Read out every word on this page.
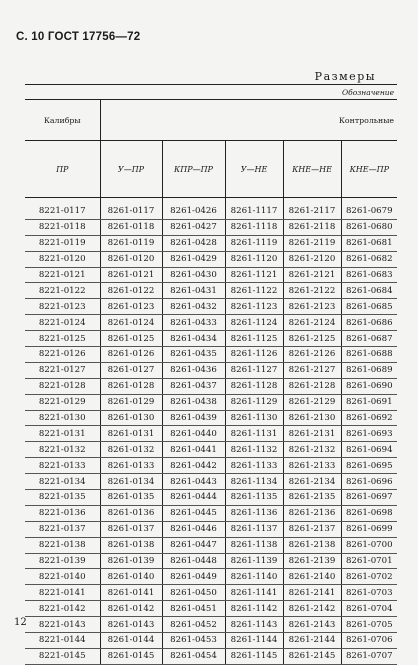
С. 10 ГОСТ 17756—72
Размеры
Обозначение					
Калибры	Контрольные				
ПР	У—ПР	КПР—ПР	У—НЕ	КНЕ—НЕ	КНЕ—ПР
8221-0117	8261-0117	8261-0426	8261-1117	8261-2117	8261-0679
8221-0118	8261-0118	8261-0427	8261-1118	8261-2118	8261-0680
8221-0119	8261-0119	8261-0428	8261-1119	8261-2119	8261-0681
8221-0120	8261-0120	8261-0429	8261-1120	8261-2120	8261-0682
8221-0121	8261-0121	8261-0430	8261-1121	8261-2121	8261-0683
8221-0122	8261-0122	8261-0431	8261-1122	8261-2122	8261-0684
8221-0123	8261-0123	8261-0432	8261-1123	8261-2123	8261-0685
8221-0124	8261-0124	8261-0433	8261-1124	8261-2124	8261-0686
8221-0125	8261-0125	8261-0434	8261-1125	8261-2125	8261-0687
8221-0126	8261-0126	8261-0435	8261-1126	8261-2126	8261-0688
8221-0127	8261-0127	8261-0436	8261-1127	8261-2127	8261-0689
8221-0128	8261-0128	8261-0437	8261-1128	8261-2128	8261-0690
8221-0129	8261-0129	8261-0438	8261-1129	8261-2129	8261-0691
8221-0130	8261-0130	8261-0439	8261-1130	8261-2130	8261-0692
8221-0131	8261-0131	8261-0440	8261-1131	8261-2131	8261-0693
8221-0132	8261-0132	8261-0441	8261-1132	8261-2132	8261-0694
8221-0133	8261-0133	8261-0442	8261-1133	8261-2133	8261-0695
8221-0134	8261-0134	8261-0443	8261-1134	8261-2134	8261-0696
8221-0135	8261-0135	8261-0444	8261-1135	8261-2135	8261-0697
8221-0136	8261-0136	8261-0445	8261-1136	8261-2136	8261-0698
8221-0137	8261-0137	8261-0446	8261-1137	8261-2137	8261-0699
8221-0138	8261-0138	8261-0447	8261-1138	8261-2138	8261-0700
8221-0139	8261-0139	8261-0448	8261-1139	8261-2139	8261-0701
8221-0140	8261-0140	8261-0449	8261-1140	8261-2140	8261-0702
8221-0141	8261-0141	8261-0450	8261-1141	8261-2141	8261-0703
8221-0142	8261-0142	8261-0451	8261-1142	8261-2142	8261-0704
8221-0143	8261-0143	8261-0452	8261-1143	8261-2143	8261-0705
8221-0144	8261-0144	8261-0453	8261-1144	8261-2144	8261-0706
8221-0145	8261-0145	8261-0454	8261-1145	8261-2145	8261-0707
12
